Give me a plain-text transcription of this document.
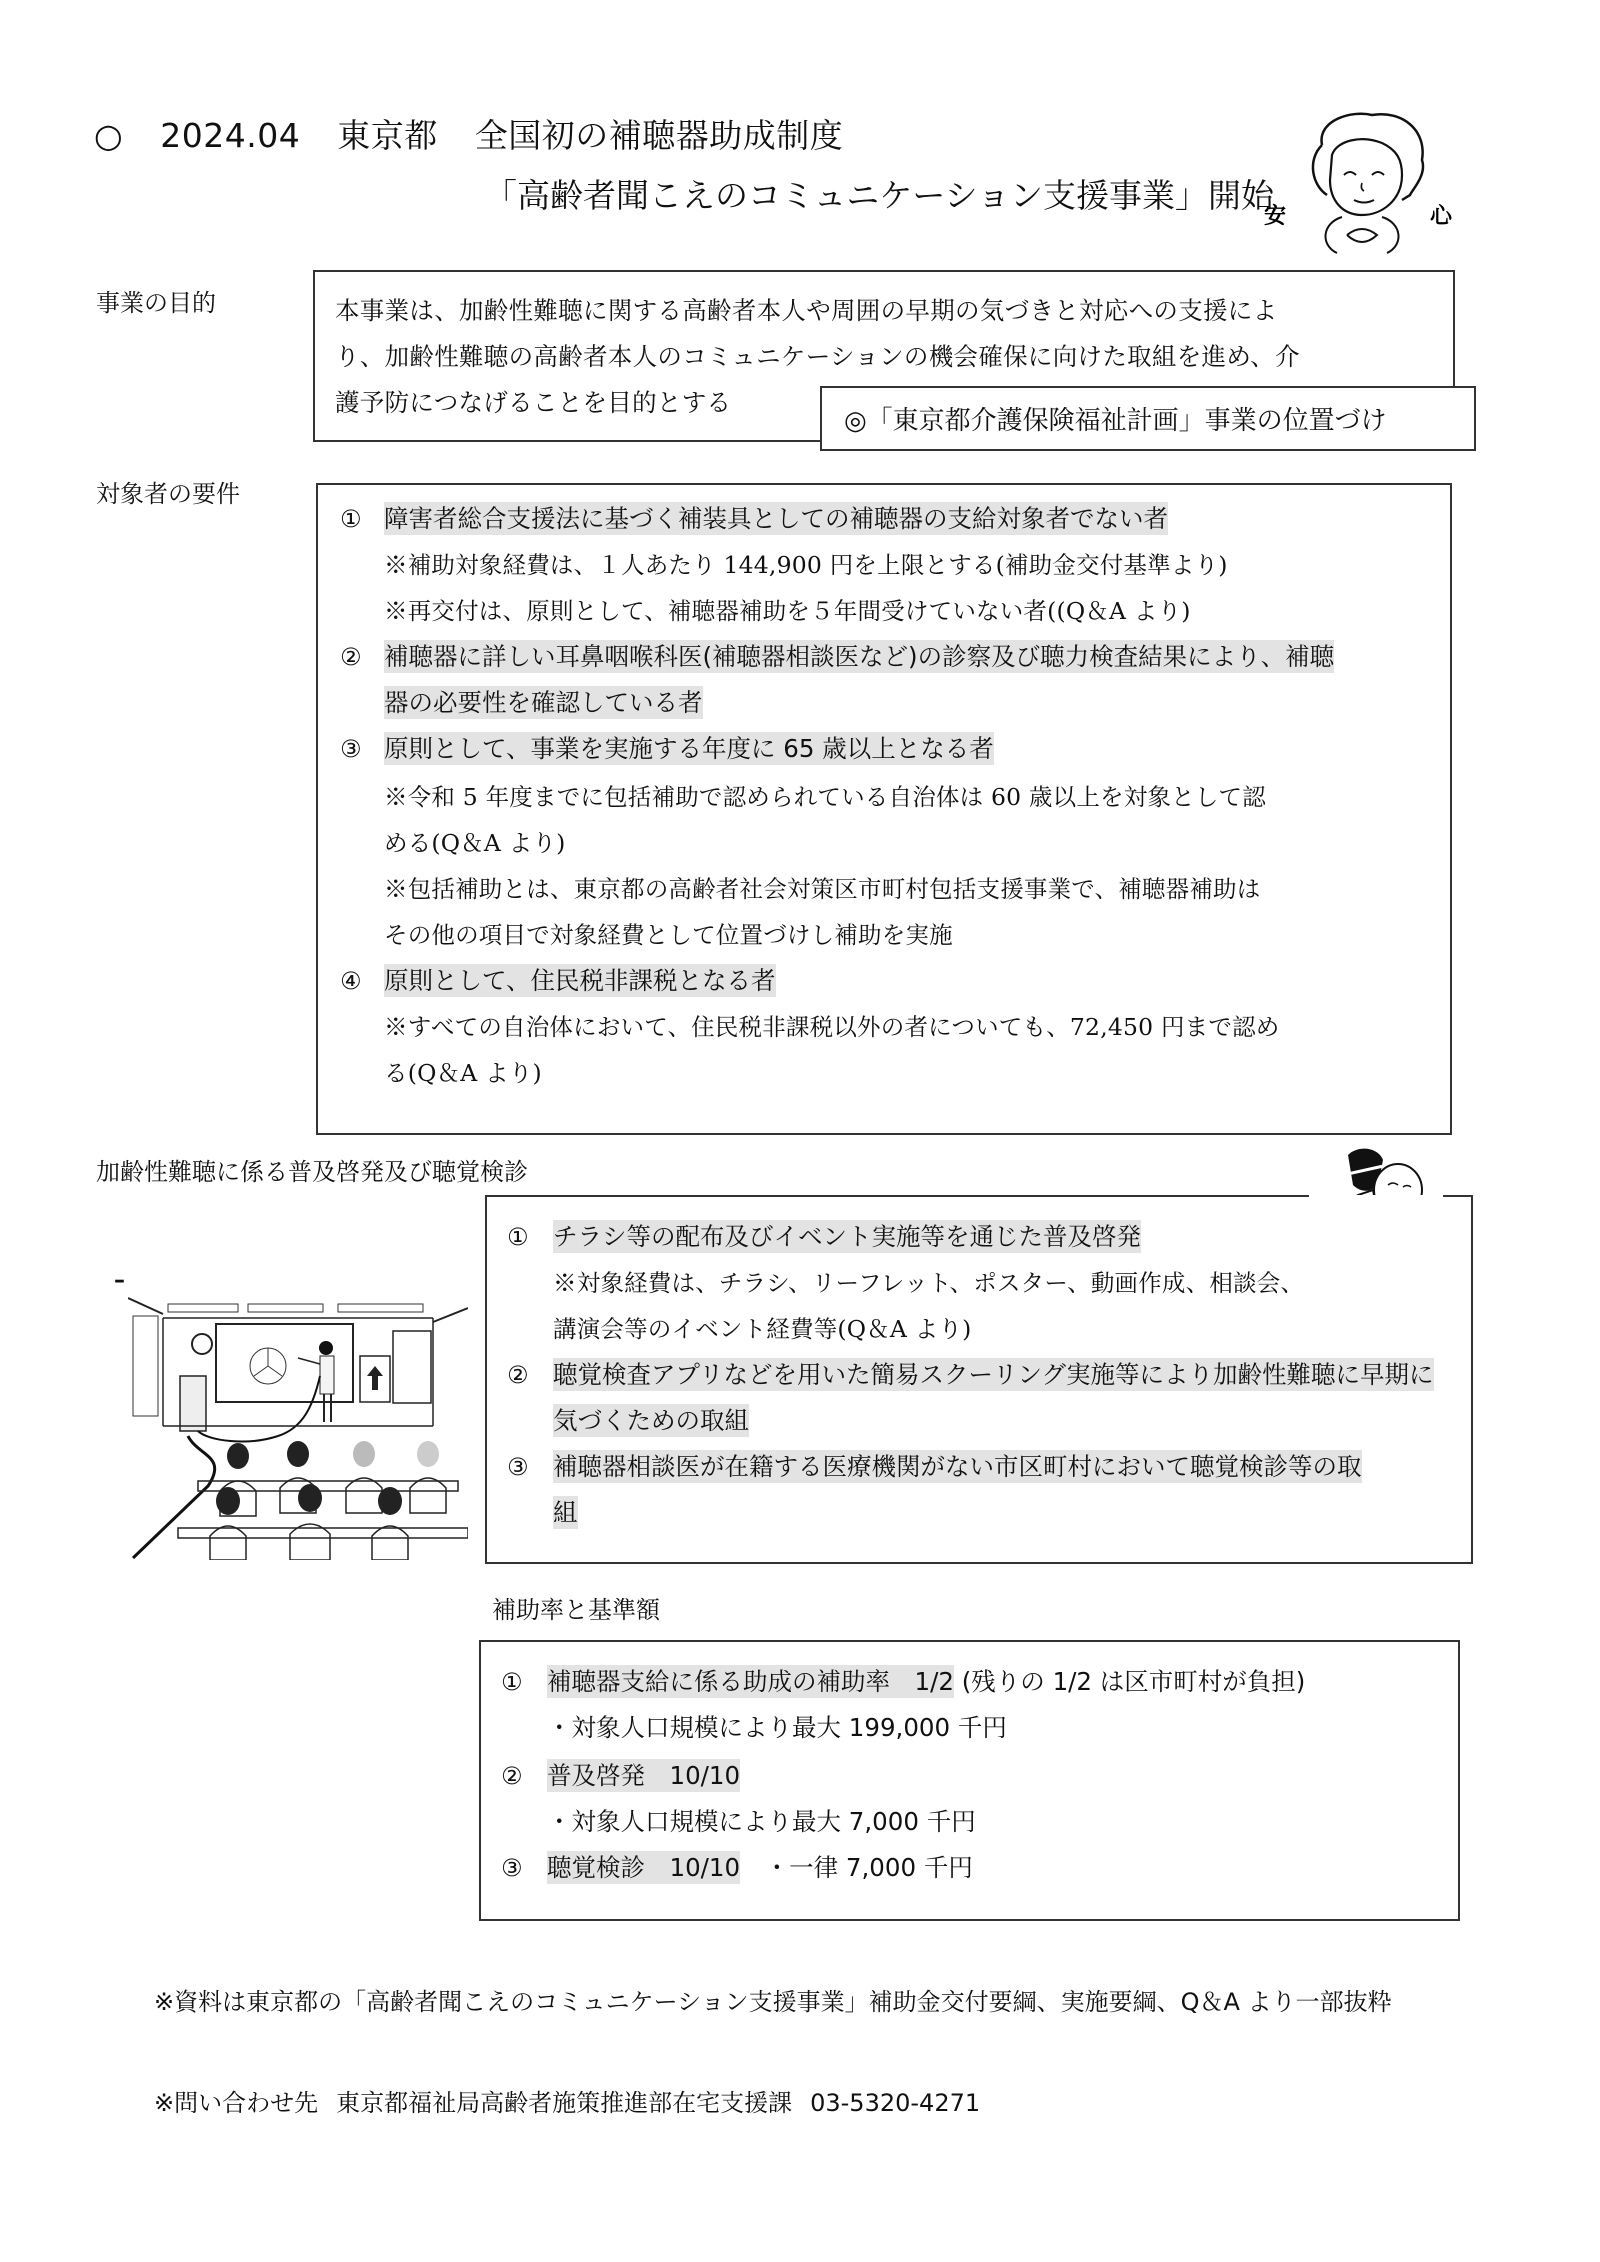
○ 2024.04 東京都 全国初の補聴器助成制度
「高齢者聞こえのコミュニケーション支援事業」開始
安	心
事業の目的	本事業は、加齢性難聴に関する高齢者本人や周囲の早期の気づきと対応への支援によ
り、加齢性難聴の高齢者本人のコミュニケーションの機会確保に向けた取組を進め、介
護予防につなげることを目的とする
◎「東京都介護保険福祉計画」事業の位置づけ
対象者の要件
① 障害者総合支援法に基づく補装具としての補聴器の支給対象者でない者
※補助対象経費は、１人あたり 144,900 円を上限とする(補助金交付基準より)
※再交付は、原則として、補聴器補助を５年間受けていない者((Q＆A より)
② 補聴器に詳しい耳鼻咽喉科医(補聴器相談医など)の診察及び聴力検査結果により、補聴
器の必要性を確認している者
③ 原則として、事業を実施する年度に 65 歳以上となる者
※令和 5 年度までに包括補助で認められている自治体は 60 歳以上を対象として認
める(Q＆A より)
※包括補助とは、東京都の高齢者社会対策区市町村包括支援事業で、補聴器補助は
その他の項目で対象経費として位置づけし補助を実施
④ 原則として、住民税非課税となる者
※すべての自治体において、住民税非課税以外の者についても、72,450 円まで認め
る(Q＆A より)
加齢性難聴に係る普及啓発及び聴覚検診
–
① チラシ等の配布及びイベント実施等を通じた普及啓発
※対象経費は、チラシ、リーフレット、ポスター、動画作成、相談会、
講演会等のイベント経費等(Q＆A より)
② 聴覚検査アプリなどを用いた簡易スクーリング実施等により加齢性難聴に早期に
気づくための取組
③ 補聴器相談医が在籍する医療機関がない市区町村において聴覚検診等の取
組
補助率と基準額
① 補聴器支給に係る助成の補助率　1/2 (残りの 1/2 は区市町村が負担)
・対象人口規模により最大 199,000 千円
② 普及啓発　10/10
・対象人口規模により最大 7,000 千円
③ 聴覚検診　10/10　・一律 7,000 千円
※資料は東京都の「高齢者聞こえのコミュニケーション支援事業」補助金交付要綱、実施要綱、Q＆A より一部抜粋
※問い合わせ先 東京都福祉局高齢者施策推進部在宅支援課 03-5320-4271
